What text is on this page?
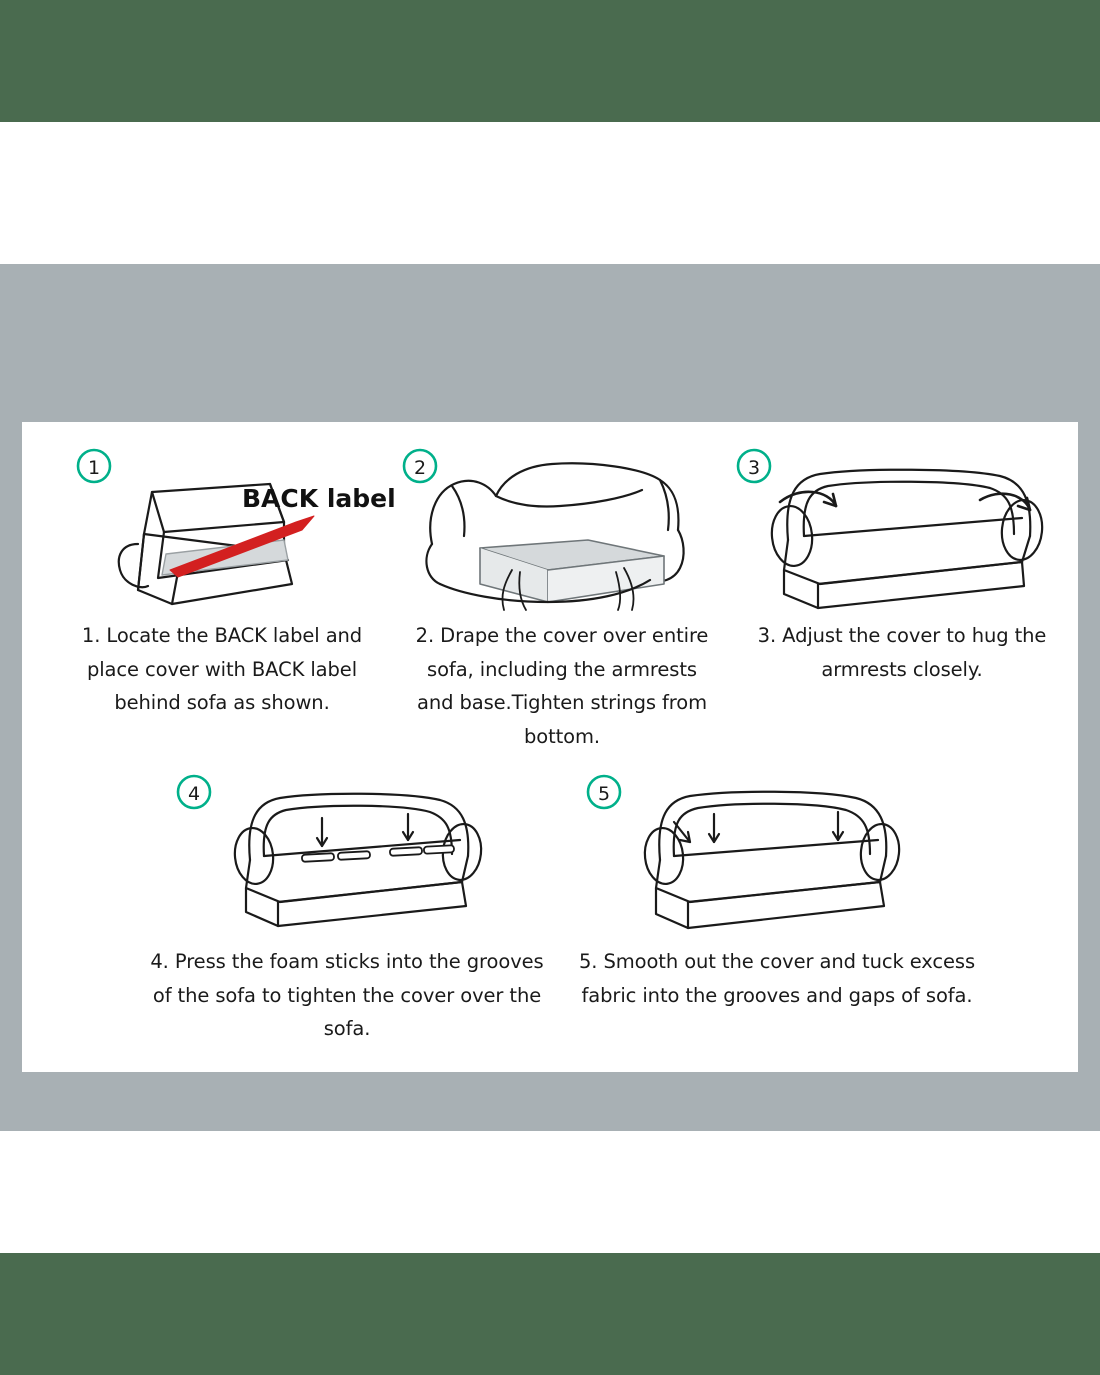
1
BACK label
1. Locate the BACK label and place cover with BACK label behind sofa as shown.
2
2. Drape the cover over entire sofa, including the armrests and base.Tighten strings from bottom.
3
3. Adjust the cover to hug the armrests closely.
4
4. Press the foam sticks into the grooves of the sofa to tighten the cover over the sofa.
5
5. Smooth out the cover and tuck excess fabric into the grooves and gaps of sofa.
